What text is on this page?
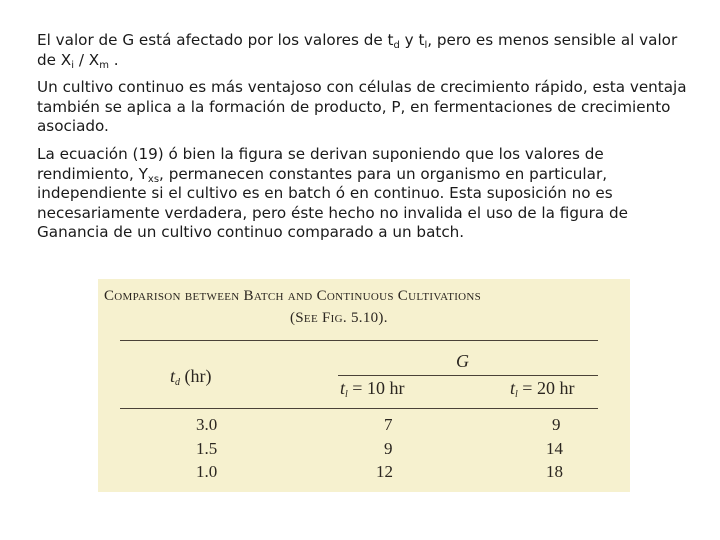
El valor de G está afectado por los valores de $t_d$ y $t_l$, pero es menos sensible al valor de $X_i / X_m$ .

Un cultivo continuo es más ventajoso con células de crecimiento rápido, esta ventaja también se aplica a la formación de producto, P, en fermentaciones de crecimiento asociado.

La ecuación (19) ó bien la figura se derivan suponiendo que los valores de rendimiento, $Y_{xs}$, permanecen constantes para un organismo en particular, independiente si el cultivo es en batch ó en continuo. Esta suposición no es necesariamente verdadera, pero éste hecho no invalida el uso de la figura de Ganancia de un cultivo continuo comparado a un batch.

Comparison between Batch and Continuous Cultivations
(See Fig. 5.10).
G
td (hr)
tl = 10 hr	tl = 20 hr
3.0	7	9
1.5	9	14
1.0	12	18
